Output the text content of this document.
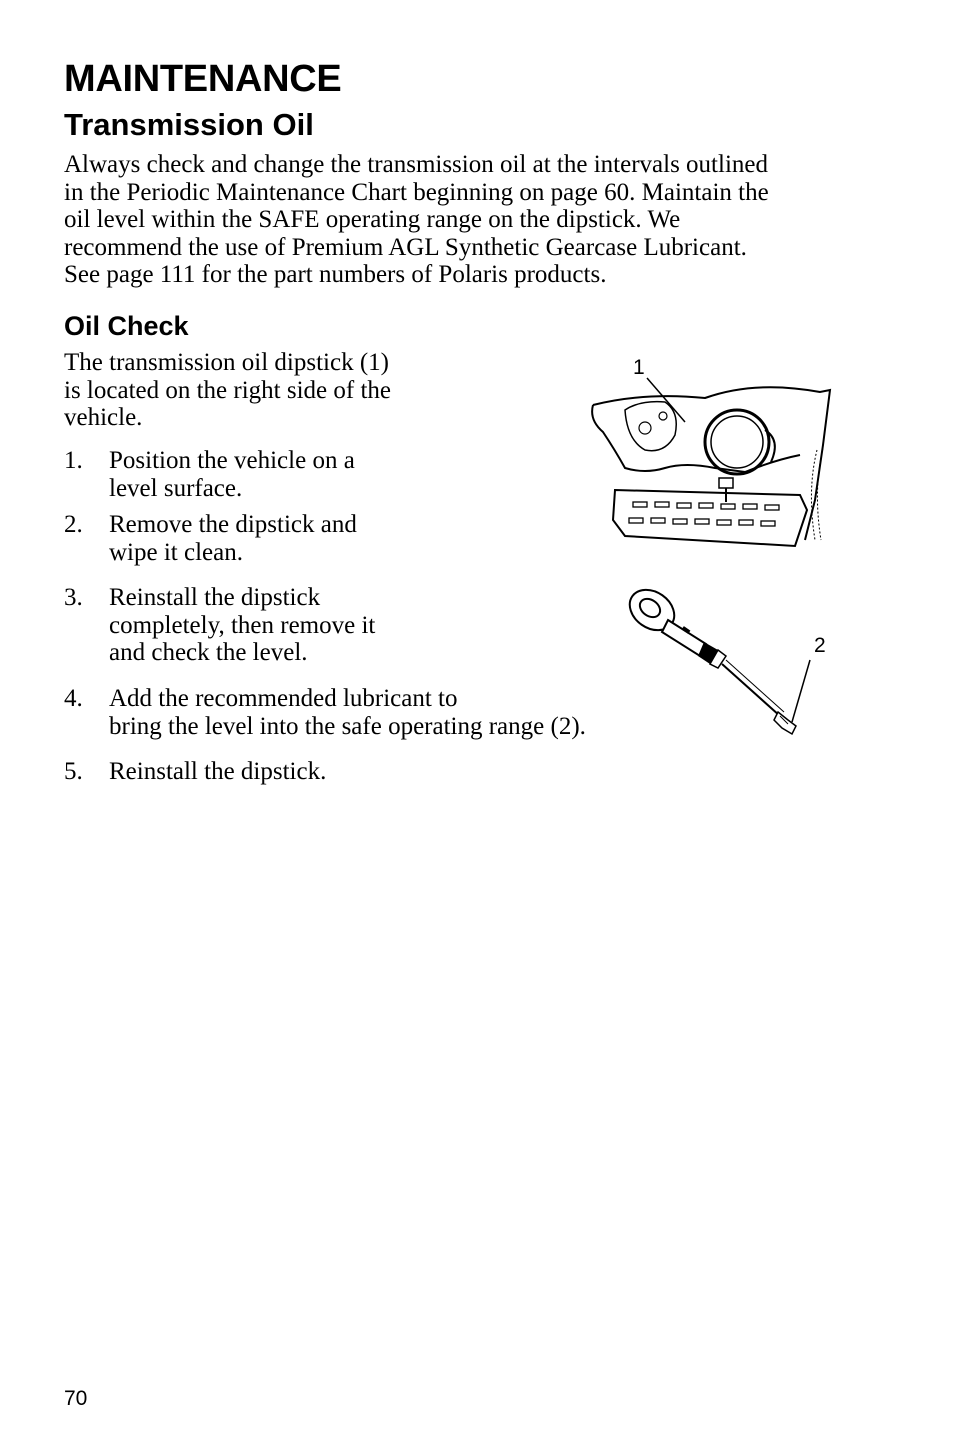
MAINTENANCE
Transmission Oil

Always check and change the transmission oil at the intervals outlined
in the Periodic Maintenance Chart beginning on page 60. Maintain the
oil level within the SAFE operating range on the dipstick. We
recommend the use of Premium AGL Synthetic Gearcase Lubricant.
See page 111 for the part numbers of Polaris products.

Oil Check

The transmission oil dipstick (1)
is located on the right side of the
vehicle.

1.	Position the vehicle on a
level surface.
2.	Remove the dipstick and
wipe it clean.
3.	Reinstall the dipstick
completely, then remove it
and check the level.
4.	Add the recommended lubricant to
bring the level into the safe operating range (2).
5.	Reinstall the dipstick.
1
2
70
